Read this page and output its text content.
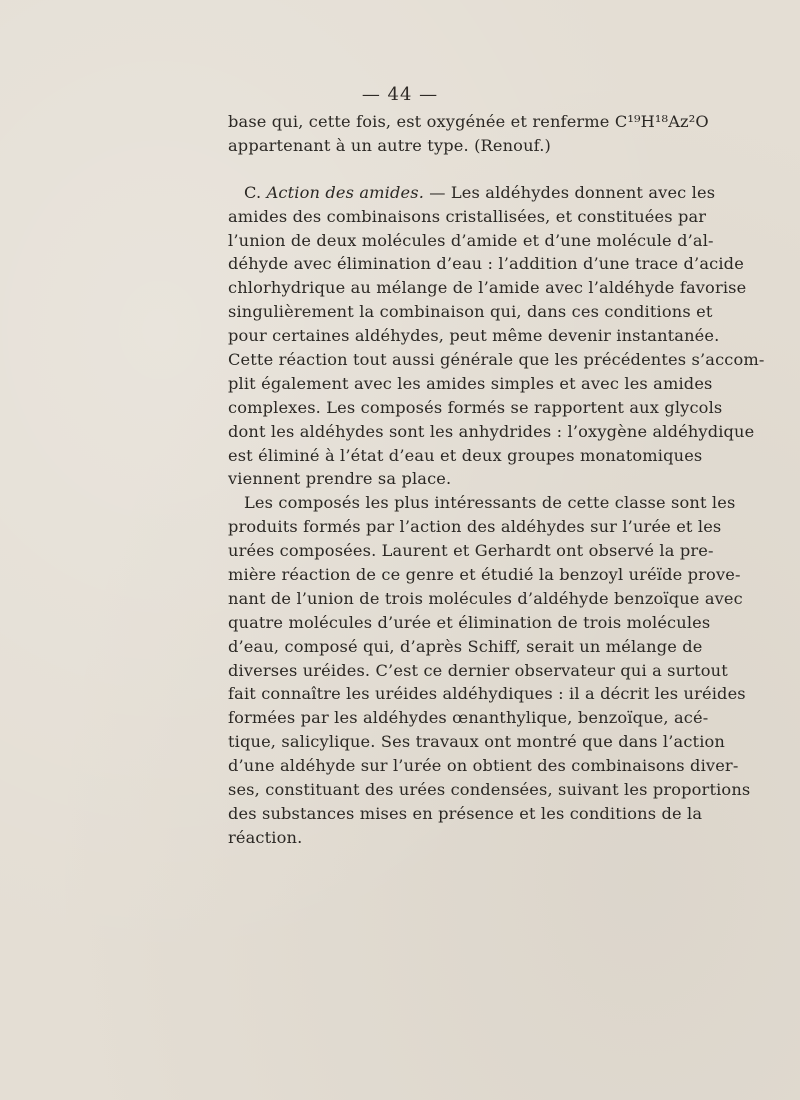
— 44 —
base qui, cette fois, est oxygénée et renferme C¹⁹H¹⁸Az²O
appartenant à un autre type. (Renouf.)
C. Action des amides. — Les aldéhydes donnent avec les
amides des combinaisons cristallisées, et constituées par
l’union de deux molécules d’amide et d’une molécule d’al-
déhyde avec élimination d’eau : l’addition d’une trace d’acide
chlorhydrique au mélange de l’amide avec l’aldéhyde favorise
singulièrement la combinaison qui, dans ces conditions et
pour certaines aldéhydes, peut même devenir instantanée.
Cette réaction tout aussi générale que les précédentes s’accom-
plit également avec les amides simples et avec les amides
complexes. Les composés formés se rapportent aux glycols
dont les aldéhydes sont les anhydrides : l’oxygène aldéhydique
est éliminé à l’état d’eau et deux groupes monatomiques
viennent prendre sa place.
Les composés les plus intéressants de cette classe sont les
produits formés par l’action des aldéhydes sur l’urée et les
urées composées. Laurent et Gerhardt ont observé la pre-
mière réaction de ce genre et étudié la benzoyl uréïde prove-
nant de l’union de trois molécules d’aldéhyde benzoïque avec
quatre molécules d’urée et élimination de trois molécules
d’eau, composé qui, d’après Schiff, serait un mélange de
diverses uréides. C’est ce dernier observateur qui a surtout
fait connaître les uréides aldéhydiques : il a décrit les uréides
formées par les aldéhydes œnanthylique, benzoïque, acé-
tique, salicylique. Ses travaux ont montré que dans l’action
d’une aldéhyde sur l’urée on obtient des combinaisons diver-
ses, constituant des urées condensées, suivant les proportions
des substances mises en présence et les conditions de la
réaction.
